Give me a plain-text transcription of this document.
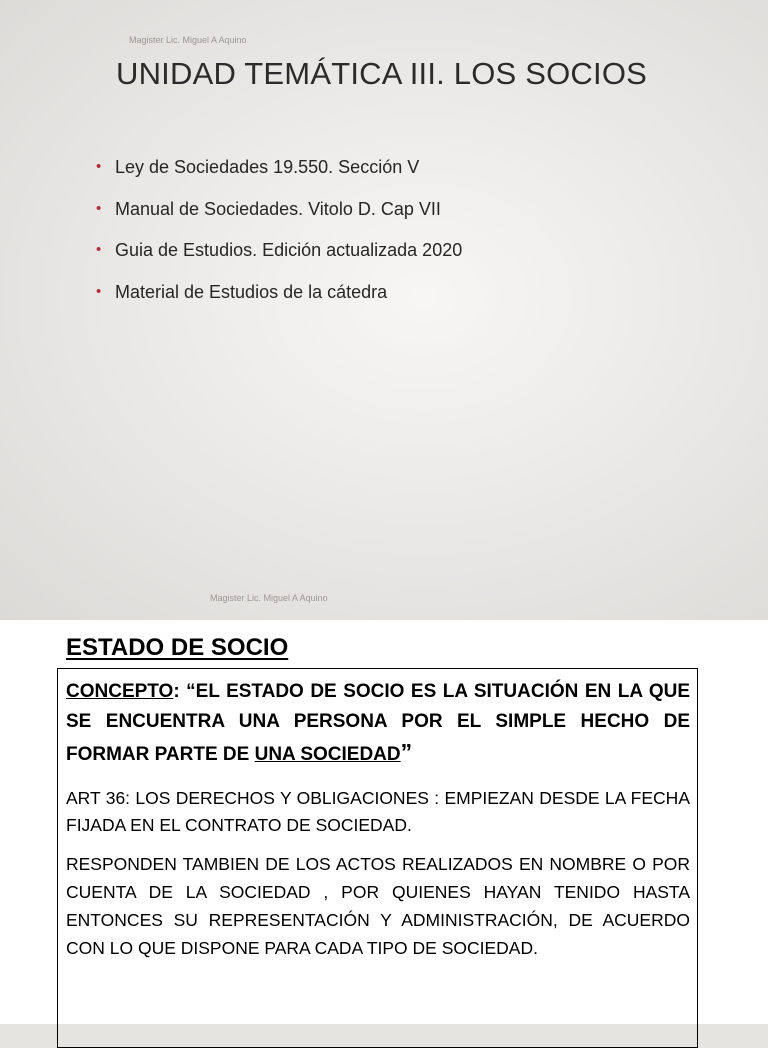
Magister Lic. Miguel A Aquino
UNIDAD TEMÁTICA III. LOS SOCIOS
• Ley de Sociedades 19.550. Sección V
• Manual de Sociedades. Vitolo D. Cap VII
• Guia de Estudios. Edición actualizada 2020
• Material de Estudios de la cátedra
Magister Lic. Miguel A Aquino
ESTADO DE SOCIO
CONCEPTO: “EL ESTADO DE SOCIO ES LA SITUACIÓN EN LA QUE SE ENCUENTRA UNA PERSONA POR EL SIMPLE HECHO DE FORMAR PARTE DE UNA SOCIEDAD”
ART 36: LOS DERECHOS Y OBLIGACIONES : EMPIEZAN DESDE LA FECHA FIJADA EN EL CONTRATO DE SOCIEDAD.
RESPONDEN TAMBIEN DE LOS ACTOS REALIZADOS EN NOMBRE O POR CUENTA DE LA SOCIEDAD , POR QUIENES HAYAN TENIDO HASTA ENTONCES SU REPRESENTACIÓN Y ADMINISTRACIÓN, DE ACUERDO CON LO QUE DISPONE PARA CADA TIPO DE SOCIEDAD.
